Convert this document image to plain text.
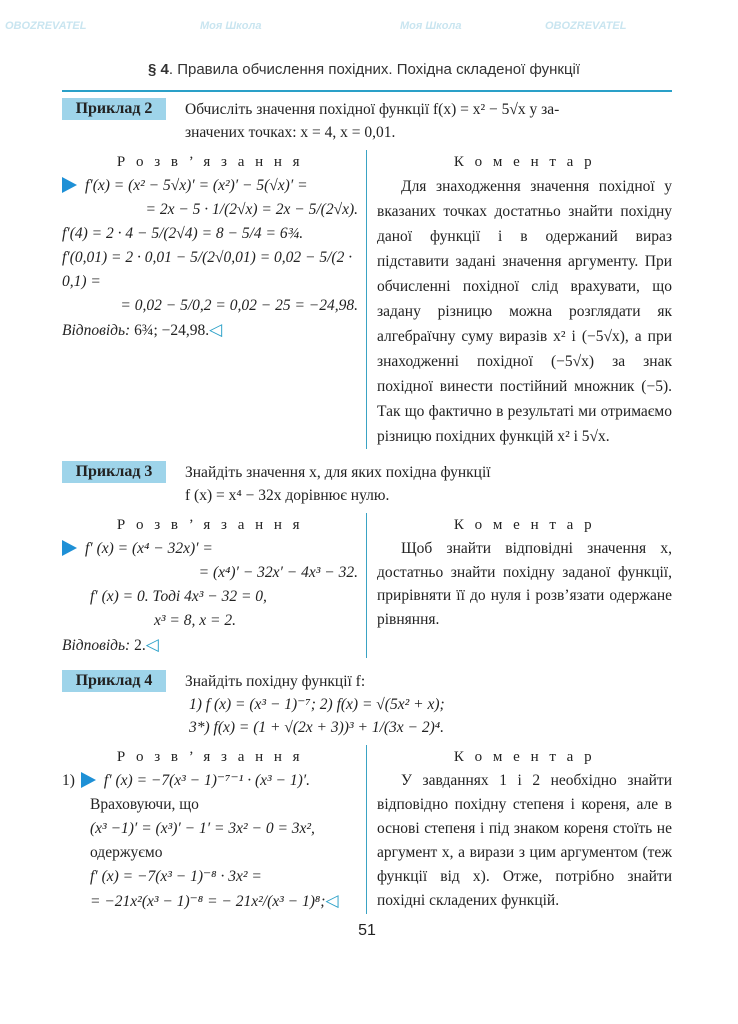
OBOZREVATEL	OBOZREVATEL
Моя Школа	Моя Школа
§ 4. Правила обчислення похідних. Похідна складеної функції
Приклад 2	Обчисліть значення похідної функції f(x) = x² − 5√x у за-
значених точках: x = 4, x = 0,01.
Р о з в ’ я з а н н я
f′(x) = (x² − 5√x)′ = (x²)′ − 5(√x)′ =
= 2x − 5 · 1/(2√x) = 2x − 5/(2√x).
f′(4) = 2 · 4 − 5/(2√4) = 8 − 5/4 = 6¾.
f′(0,01) = 2 · 0,01 − 5/(2√0,01) = 0,02 − 5/(2 · 0,1) =
= 0,02 − 5/0,2 = 0,02 − 25 = −24,98.
Відповідь: 6¾; −24,98.◁
К о м е н т а р
Для знаходження значення похідної у вказаних точках достатньо знайти похідну даної функції і в одержаний вираз підставити задані значення аргументу. При обчисленні похідної слід врахувати, що задану різницю можна розглядати як алгебраїчну суму виразів x² і (−5√x), а при знаходженні похідної (−5√x) за знак похідної винести постійний множник (−5). Так що фактично в результаті ми отримаємо різницю похідних функцій x² і 5√x.
Приклад 3	Знайдіть значення x, для яких похідна функції
f (x) = x⁴ − 32x дорівнює нулю.
Р о з в ’ я з а н н я
f′ (x) = (x⁴ − 32x)′ =
= (x⁴)′ − 32x′ − 4x³ − 32.
f′ (x) = 0. Тоді 4x³ − 32 = 0,
x³ = 8, x = 2.
Відповідь: 2.◁
К о м е н т а р
Щоб знайти відповідні значення x, достатньо знайти похідну заданої функції, прирівняти її до нуля і розв’язати одержане рівняння.
Приклад 4	Знайдіть похідну функції f:
1) f (x) = (x³ − 1)⁻⁷; 2) f(x) = √(5x² + x);
3*) f(x) = (1 + √(2x + 3))³ + 1/(3x − 2)⁴.
Р о з в ’ я з а н н я
1) f′ (x) = −7(x³ − 1)⁻⁷⁻¹ · (x³ − 1)′.
Враховуючи, що
(x³ −1)′ = (x³)′ − 1′ = 3x² − 0 = 3x²,
одержуємо
f′ (x) = −7(x³ − 1)⁻⁸ · 3x² =
= −21x²(x³ − 1)⁻⁸ = − 21x²/(x³ − 1)⁸;◁
К о м е н т а р
У завданнях 1 і 2 необхідно знайти відповідно похідну степеня і кореня, але в основі степеня і під знаком кореня стоїть не аргумент x, а вирази з цим аргументом (теж функції від x). Отже, потрібно знайти похідні складених функцій.
51
